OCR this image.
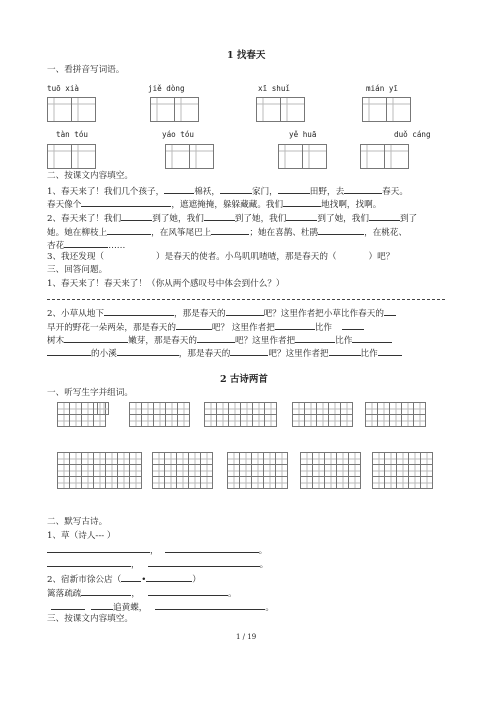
1 找春天
一、看拼音写词语。
tuō xià	jiě dòng	xī shuǐ	mián yī
tàn tóu	yáo tóu	yě huā	duǒ cáng
二、按课文内容填空。
1、春天来了！我们几个孩子，	棉袄，	家门，	田野，去	春天。
春天像个	，遮遮掩掩，躲躲藏藏。我们	地找啊，找啊。
2、春天来了！我们	到了她，我们	到了她，我们	到了她，我们	到了
她。她在柳枝上	，在风筝尾巴上	；她在喜鹊、杜鹃	，在桃花、
杏花	……
3、我还发现（	）是春天的使者。小鸟叽叽喳喳，那是春天的（	）吧？
三、回答问题。
1、春天来了！春天来了！（你从两个感叹号中体会到什么？）
2、小草从地下	，那是春天的	吧？这里作者把小草比作春天的
早开的野花一朵两朵，那是春天的	吧？ 这里作者把	比作
树木	嫩芽，那是春天的	吧？这里作者把	比作
的小溪	，那是春天的	吧？这里作者把	比作
2 古诗两首
一、听写生字并组词。
二、默写古诗。
1、草（诗人--- ）
，	。
，	。
2、宿新市徐公店（ •	）
篱落疏疏	，	。
追黄蝶，	。
三、按课文内容填空。
1 / 19
